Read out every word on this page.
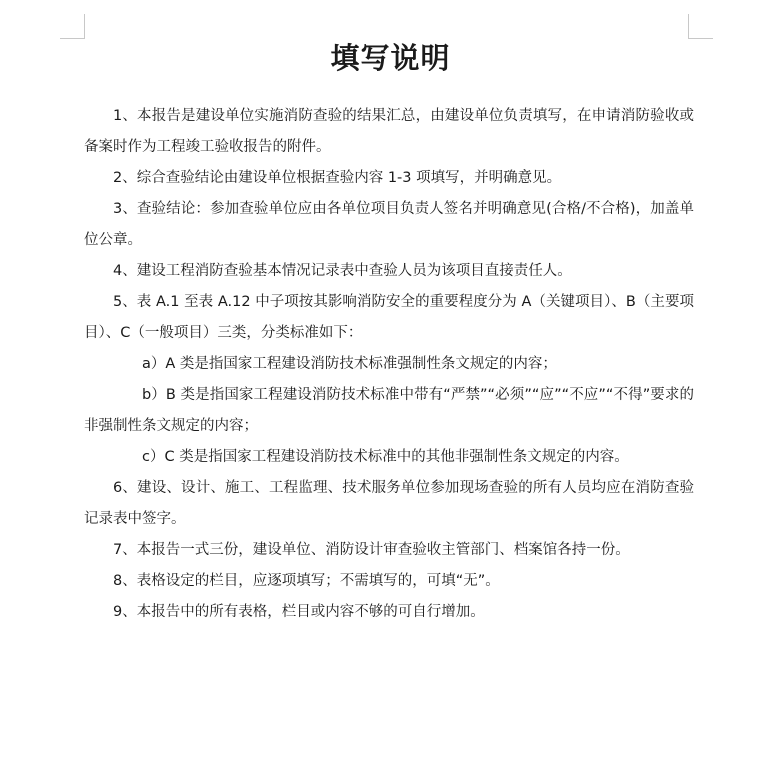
填写说明

1、本报告是建设单位实施消防查验的结果汇总，由建设单位负责填写，在申请消防验收或备案时作为工程竣工验收报告的附件。

2、综合查验结论由建设单位根据查验内容 1-3 项填写，并明确意见。

3、查验结论：参加查验单位应由各单位项目负责人签名并明确意见(合格/不合格)，加盖单位公章。

4、建设工程消防查验基本情况记录表中查验人员为该项目直接责任人。

5、表 A.1 至表 A.12 中子项按其影响消防安全的重要程度分为 A（关键项目）、B（主要项目）、C（一般项目）三类，分类标准如下：

a）A 类是指国家工程建设消防技术标准强制性条文规定的内容；

b）B 类是指国家工程建设消防技术标准中带有“严禁”“必须”“应”“不应”“不得”要求的非强制性条文规定的内容；

c）C 类是指国家工程建设消防技术标准中的其他非强制性条文规定的内容。

6、建设、设计、施工、工程监理、技术服务单位参加现场查验的所有人员均应在消防查验记录表中签字。

7、本报告一式三份，建设单位、消防设计审查验收主管部门、档案馆各持一份。

8、表格设定的栏目，应逐项填写；不需填写的，可填“无”。

9、本报告中的所有表格，栏目或内容不够的可自行增加。
